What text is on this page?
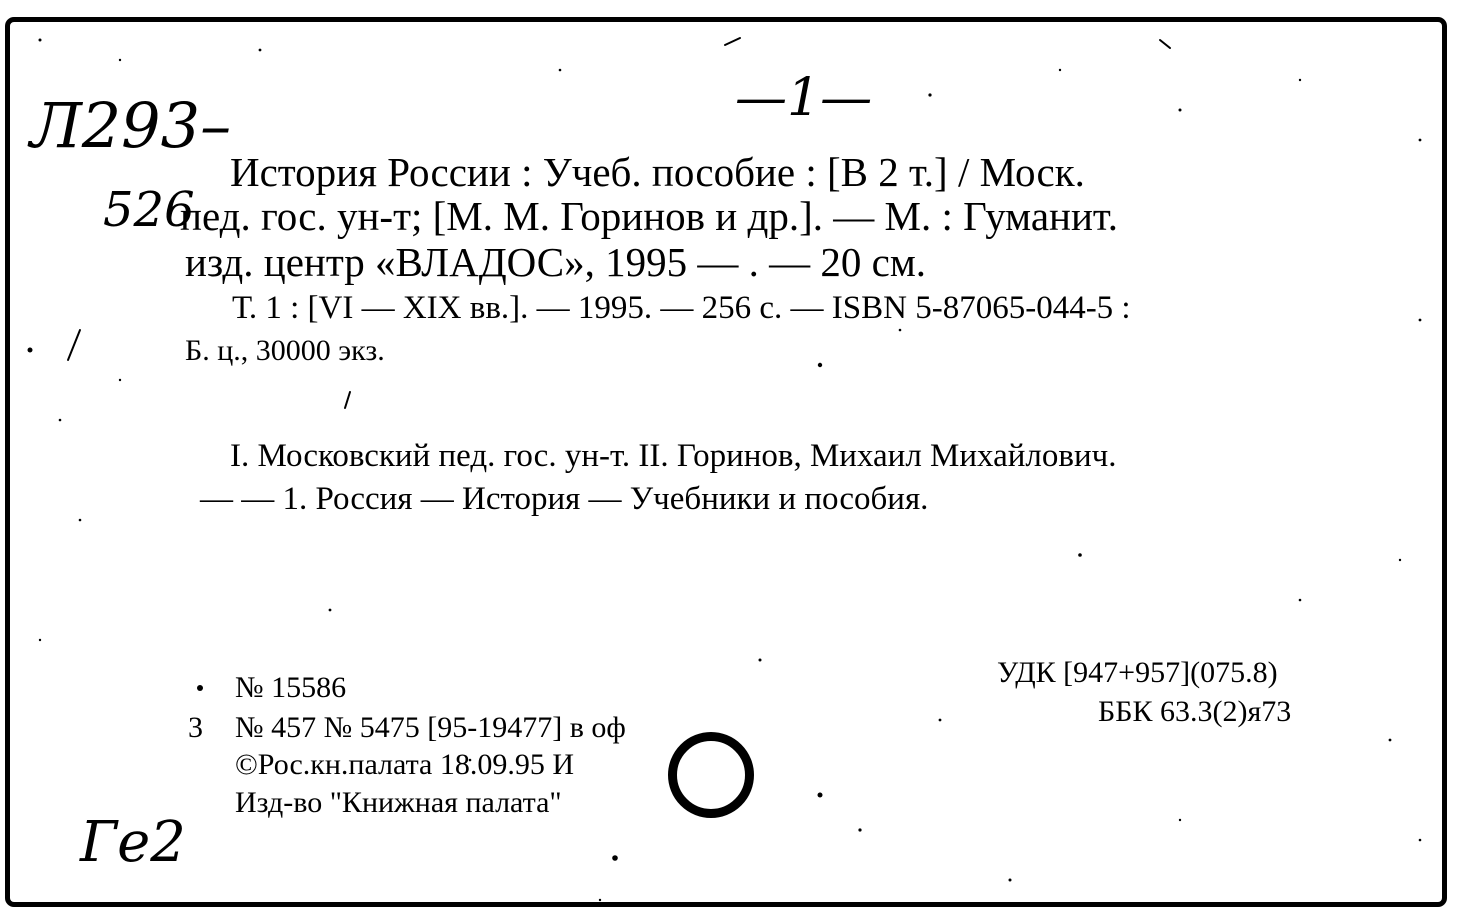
—1—
Л293–
526
Гe2
История России : Учеб. пособие : [В 2 т.] / Моск.
пед. гос. ун-т; [М. М. Горинов и др.]. — М. : Гуманит.
изд. центр «ВЛАДОС», 1995 — . — 20 см.
Т. 1 : [VI — XIX вв.]. — 1995. — 256 с. — ISBN 5-87065-044-5 :
Б. ц., 30000 экз.
I. Московский пед. гос. ун-т. II. Горинов, Михаил Михайлович.
— — 1. Россия — История — Учебники и пособия.
№ 15586
3 № 457 № 5475 [95-19477] в оф
©Рос.кн.палата 18.09.95 И
Изд-во "Книжная палата"
УДК [947+957](075.8)
ББК 63.3(2)я73
